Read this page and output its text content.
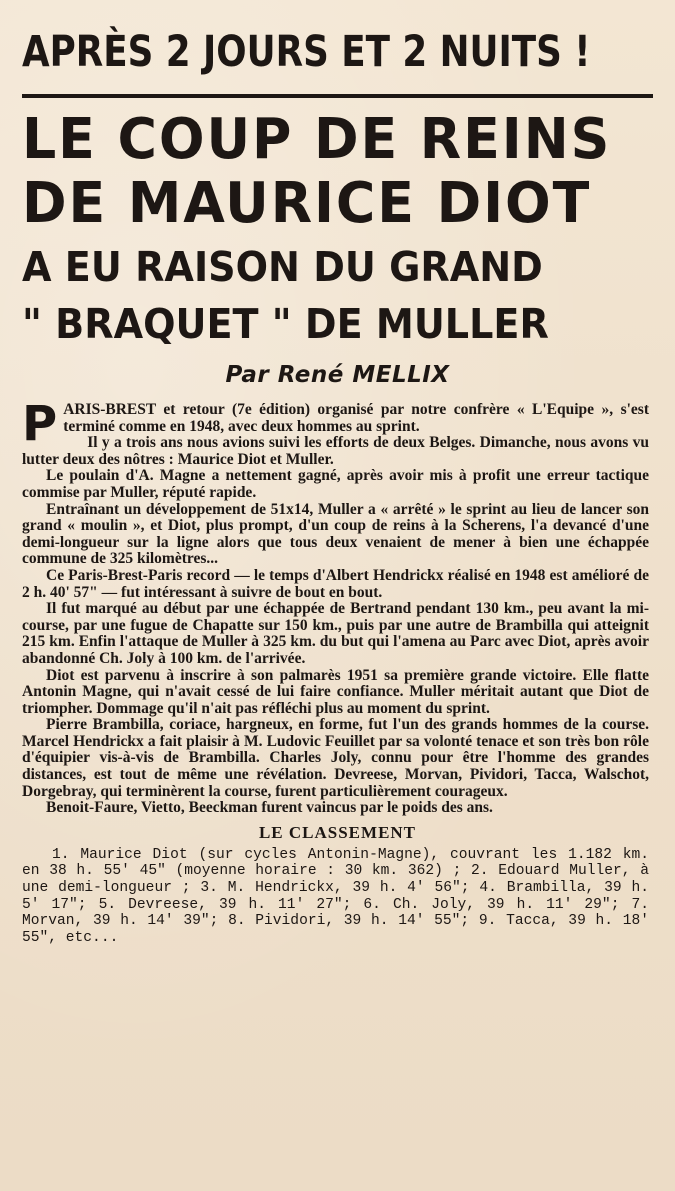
APRÈS 2 JOURS ET 2 NUITS !
LE COUP DE REINS
DE MAURICE DIOT
A EU RAISON DU GRAND
" BRAQUET " DE MULLER
Par René MELLIX

PARIS-BREST et retour (7e édition) organisé par notre confrère « L'Equipe », s'est terminé comme en 1948, avec deux hommes au sprint.

Il y a trois ans nous avions suivi les efforts de deux Belges. Dimanche, nous avons vu lutter deux des nôtres : Maurice Diot et Muller.

Le poulain d'A. Magne a nettement gagné, après avoir mis à profit une erreur tactique commise par Muller, réputé rapide.

Entraînant un développement de 51x14, Muller a « arrêté » le sprint au lieu de lancer son grand « moulin », et Diot, plus prompt, d'un coup de reins à la Scherens, l'a devancé d'une demi-longueur sur la ligne alors que tous deux venaient de mener à bien une échappée commune de 325 kilomètres...

Ce Paris-Brest-Paris record — le temps d'Albert Hendrickx réalisé en 1948 est amélioré de 2 h. 40' 57" — fut intéressant à suivre de bout en bout.

Il fut marqué au début par une échappée de Bertrand pendant 130 km., peu avant la mi-course, par une fugue de Chapatte sur 150 km., puis par une autre de Brambilla qui atteignit 215 km. Enfin l'attaque de Muller à 325 km. du but qui l'amena au Parc avec Diot, après avoir abandonné Ch. Joly à 100 km. de l'arrivée.

Diot est parvenu à inscrire à son palmarès 1951 sa première grande victoire. Elle flatte Antonin Magne, qui n'avait cessé de lui faire confiance. Muller méritait autant que Diot de triompher. Dommage qu'il n'ait pas réfléchi plus au moment du sprint.

Pierre Brambilla, coriace, hargneux, en forme, fut l'un des grands hommes de la course. Marcel Hendrickx a fait plaisir à M. Ludovic Feuillet par sa volonté tenace et son très bon rôle d'équipier vis-à-vis de Brambilla. Charles Joly, connu pour être l'homme des grandes distances, est tout de même une révélation. Devreese, Morvan, Pividori, Tacca, Walschot, Dorgebray, qui terminèrent la course, furent particulièrement courageux.

Benoit-Faure, Vietto, Beeckman furent vaincus par le poids des ans.

LE CLASSEMENT

1. Maurice Diot (sur cycles Antonin-Magne), couvrant les 1.182 km. en 38 h. 55' 45" (moyenne horaire : 30 km. 362) ; 2. Edouard Muller, à une demi-longueur ; 3. M. Hendrickx, 39 h. 4' 56"; 4. Brambilla, 39 h. 5' 17"; 5. Devreese, 39 h. 11' 27"; 6. Ch. Joly, 39 h. 11' 29"; 7. Morvan, 39 h. 14' 39"; 8. Pividori, 39 h. 14' 55"; 9. Tacca, 39 h. 18' 55", etc...
